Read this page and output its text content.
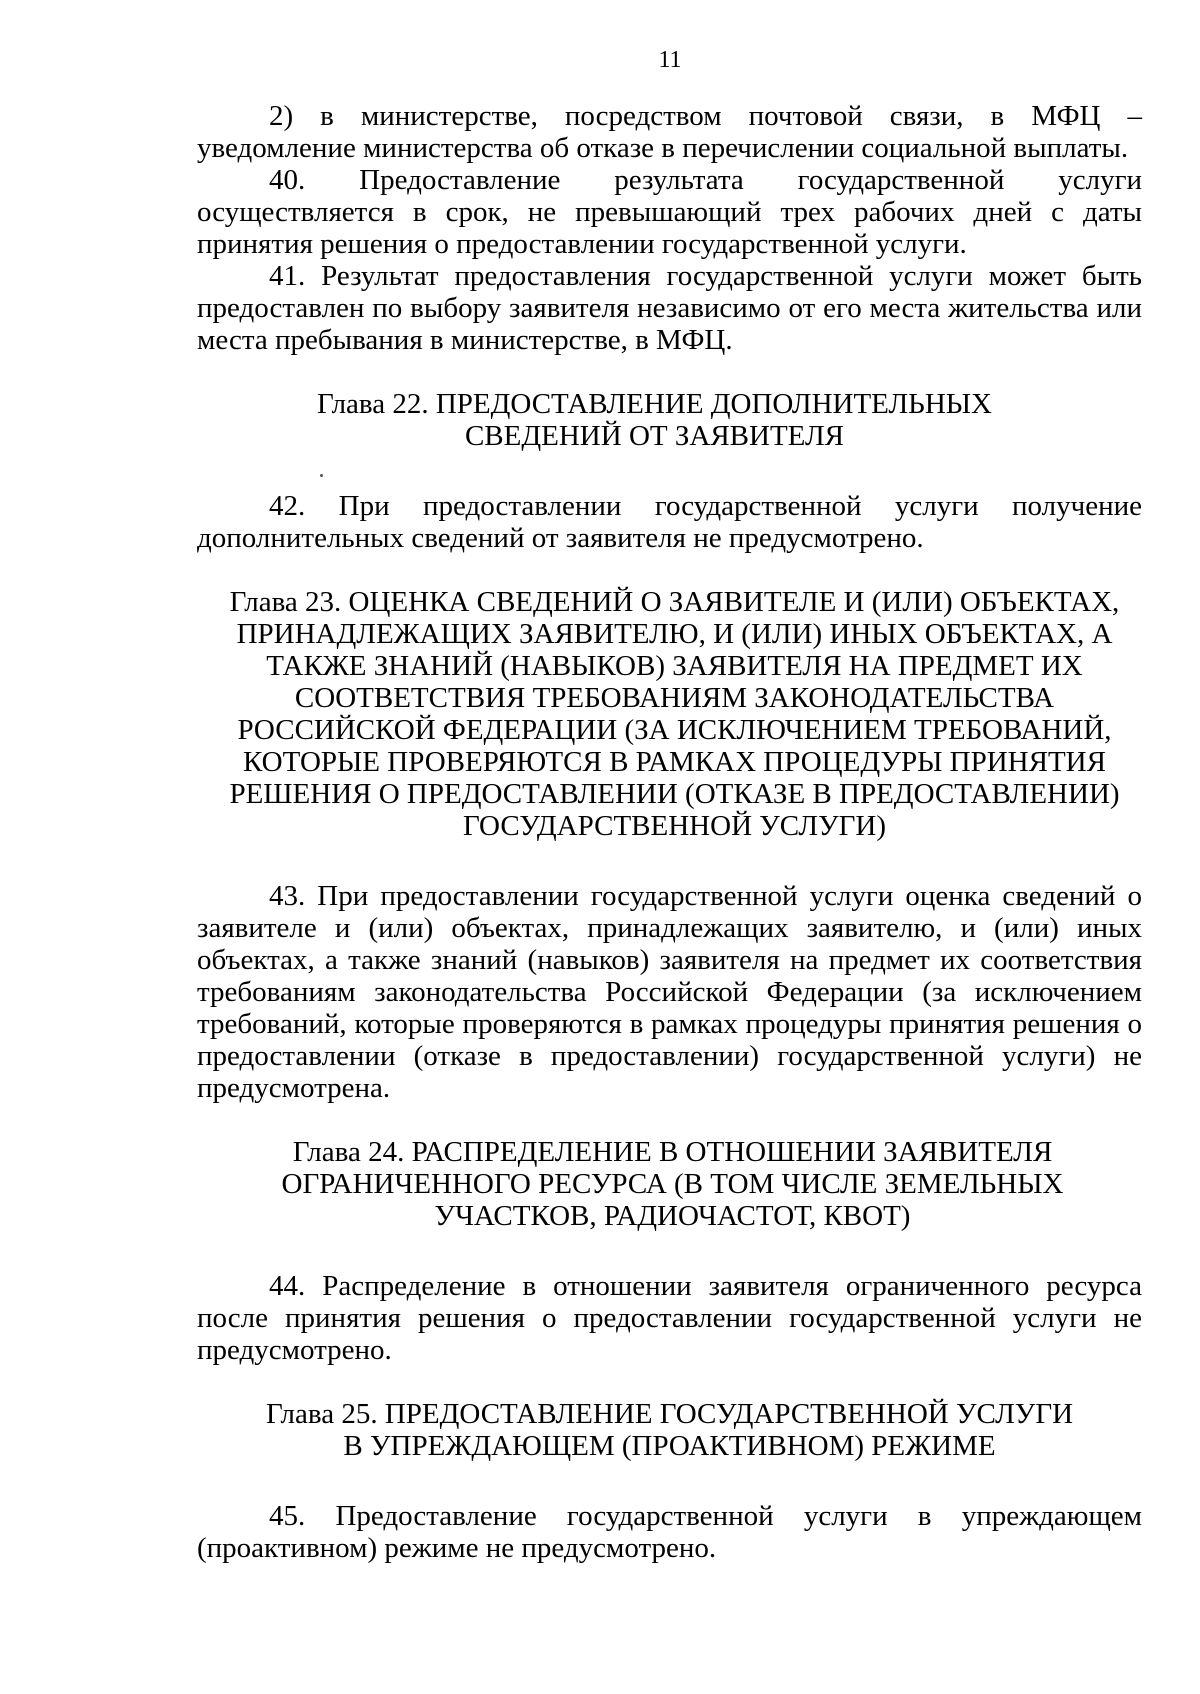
11

2) в министерстве, посредством почтовой связи, в МФЦ – уведомление министерства об отказе в перечислении социальной выплаты.

40. Предоставление результата государственной услуги осуществляется в срок, не превышающий трех рабочих дней с даты принятия решения о предоставлении государственной услуги.

41. Результат предоставления государственной услуги может быть предоставлен по выбору заявителя независимо от его места жительства или места пребывания в министерстве, в МФЦ.

Глава 22. ПРЕДОСТАВЛЕНИЕ ДОПОЛНИТЕЛЬНЫХ СВЕДЕНИЙ ОТ ЗАЯВИТЕЛЯ

42. При предоставлении государственной услуги получение дополнительных сведений от заявителя не предусмотрено.

Глава 23. ОЦЕНКА СВЕДЕНИЙ О ЗАЯВИТЕЛЕ И (ИЛИ) ОБЪЕКТАХ, ПРИНАДЛЕЖАЩИХ ЗАЯВИТЕЛЮ, И (ИЛИ) ИНЫХ ОБЪЕКТАХ, А ТАКЖЕ ЗНАНИЙ (НАВЫКОВ) ЗАЯВИТЕЛЯ НА ПРЕДМЕТ ИХ СООТВЕТСТВИЯ ТРЕБОВАНИЯМ ЗАКОНОДАТЕЛЬСТВА РОССИЙСКОЙ ФЕДЕРАЦИИ (ЗА ИСКЛЮЧЕНИЕМ ТРЕБОВАНИЙ, КОТОРЫЕ ПРОВЕРЯЮТСЯ В РАМКАХ ПРОЦЕДУРЫ ПРИНЯТИЯ РЕШЕНИЯ О ПРЕДОСТАВЛЕНИИ (ОТКАЗЕ В ПРЕДОСТАВЛЕНИИ) ГОСУДАРСТВЕННОЙ УСЛУГИ)

43. При предоставлении государственной услуги оценка сведений о заявителе и (или) объектах, принадлежащих заявителю, и (или) иных объектах, а также знаний (навыков) заявителя на предмет их соответствия требованиям законодательства Российской Федерации (за исключением требований, которые проверяются в рамках процедуры принятия решения о предоставлении (отказе в предоставлении) государственной услуги) не предусмотрена.

Глава 24. РАСПРЕДЕЛЕНИЕ В ОТНОШЕНИИ ЗАЯВИТЕЛЯ ОГРАНИЧЕННОГО РЕСУРСА (В ТОМ ЧИСЛЕ ЗЕМЕЛЬНЫХ УЧАСТКОВ, РАДИОЧАСТОТ, КВОТ)

44. Распределение в отношении заявителя ограниченного ресурса после принятия решения о предоставлении государственной услуги не предусмотрено.

Глава 25. ПРЕДОСТАВЛЕНИЕ ГОСУДАРСТВЕННОЙ УСЛУГИ В УПРЕЖДАЮЩЕМ (ПРОАКТИВНОМ) РЕЖИМЕ

45. Предоставление государственной услуги в упреждающем (проактивном) режиме не предусмотрено.
